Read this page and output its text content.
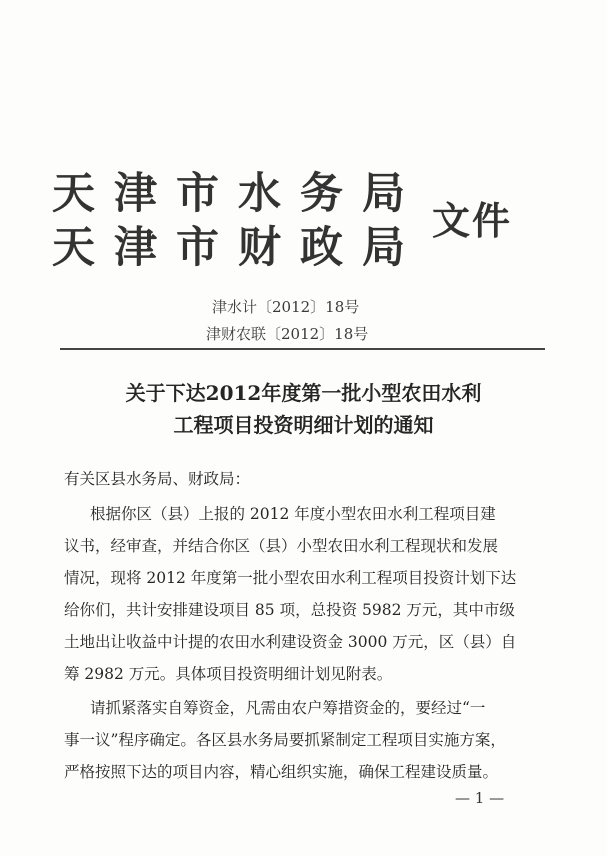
天津市水务局
天津市财政局
文件
津水计〔2012〕18号
津财农联〔2012〕18号
关于下达2012年度第一批小型农田水利
工程项目投资明细计划的通知
有关区县水务局、财政局：
根据你区（县）上报的 2012 年度小型农田水利工程项目建
议书，经审查，并结合你区（县）小型农田水利工程现状和发展
情况，现将 2012 年度第一批小型农田水利工程项目投资计划下达
给你们，共计安排建设项目 85 项，总投资 5982 万元，其中市级
土地出让收益中计提的农田水利建设资金 3000 万元，区（县）自
筹 2982 万元。具体项目投资明细计划见附表。
请抓紧落实自筹资金，凡需由农户筹措资金的，要经过“一
事一议”程序确定。各区县水务局要抓紧制定工程项目实施方案，
严格按照下达的项目内容，精心组织实施，确保工程建设质量。
— 1 —
